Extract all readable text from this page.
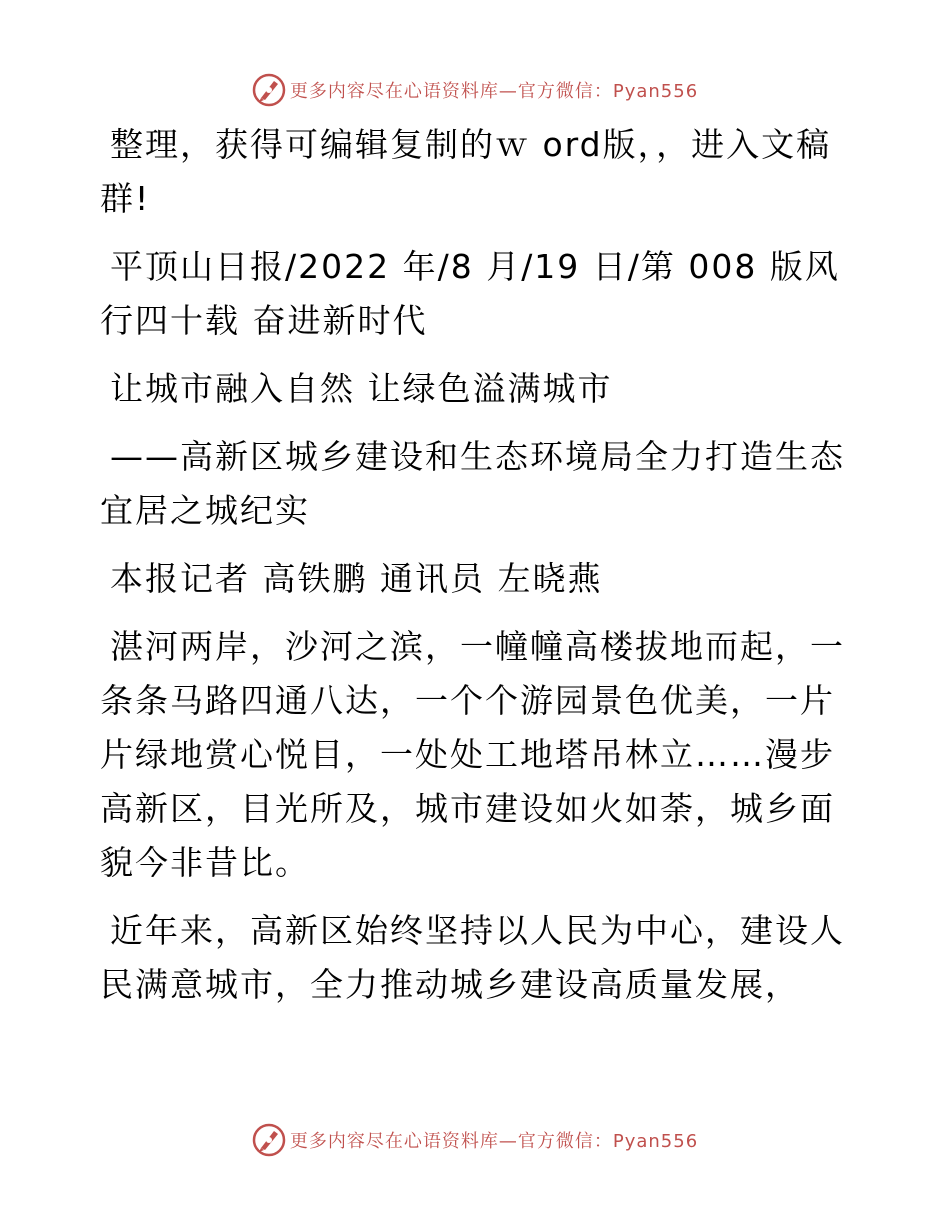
更多内容尽在心语资料库—官方微信：Pyan556

整理，获得可编辑复制的ｗ ord版，，进入文稿群!

平顶山日报/2022 年/8 月/19 日/第 008 版风行四十载 奋进新时代

让城市融入自然 让绿色溢满城市

——高新区城乡建设和生态环境局全力打造生态宜居之城纪实

本报记者 高铁鹏 通讯员 左晓燕

湛河两岸，沙河之滨，一幢幢高楼拔地而起，一条条马路四通八达，一个个游园景色优美，一片片绿地赏心悦目，一处处工地塔吊林立……漫步高新区，目光所及，城市建设如火如荼，城乡面貌今非昔比。

近年来，高新区始终坚持以人民为中心，建设人民满意城市，全力推动城乡建设高质量发展，

更多内容尽在心语资料库—官方微信：Pyan556
